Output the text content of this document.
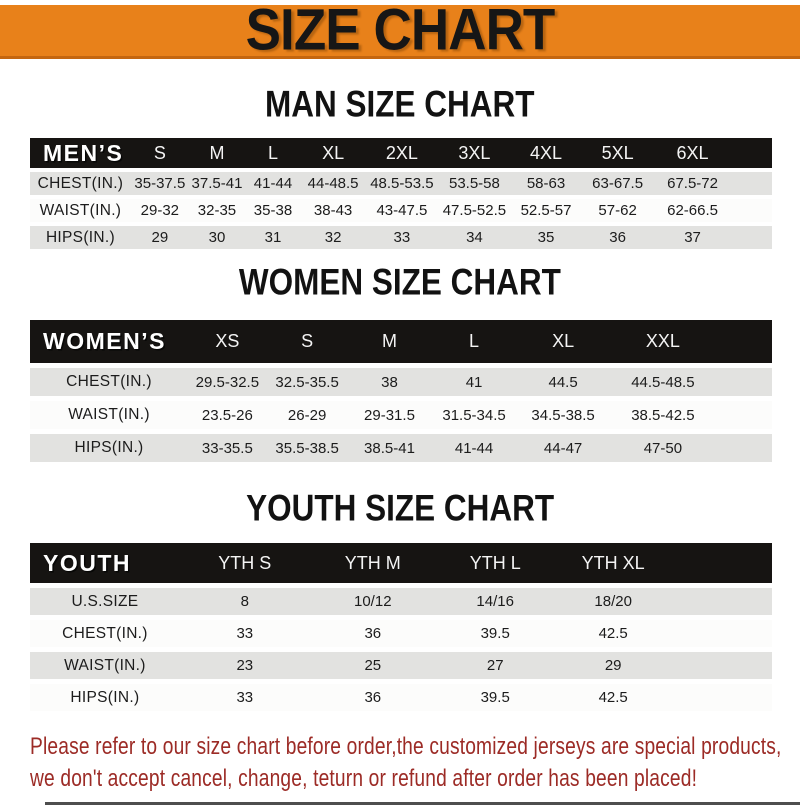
SIZE CHART
MAN SIZE CHART
MEN’S	S	M	L	XL	2XL	3XL	4XL	5XL	6XL
CHEST(IN.) 35-37.5 37.5-41 41-44	44-48.5 48.5-53.5	53.5-58	58-63	63-67.5	67.5-72
WAIST(IN.)	29-32	32-35	35-38	38-43	43-47.5	47.5-52.5 52.5-57	57-62	62-66.5
HIPS(IN.)	29	30	31	32	33	34	35	36	37
WOMEN SIZE CHART
WOMEN’S	XS	S	M	L	XL	XXL
CHEST(IN.)	29.5-32.5	32.5-35.5	38	41	44.5	44.5-48.5
WAIST(IN.)	23.5-26	26-29	29-31.5	31.5-34.5	34.5-38.5	38.5-42.5
HIPS(IN.)	33-35.5	35.5-38.5	38.5-41	41-44	44-47	47-50
YOUTH SIZE CHART
YOUTH	YTH S	YTH M	YTH L	YTH XL
U.S.SIZE	8	10/12	14/16	18/20
CHEST(IN.)	33	36	39.5	42.5
WAIST(IN.)	23	25	27	29
HIPS(IN.)	33	36	39.5	42.5

Please refer to our size chart before order,the customized jerseys are special products,

we don't accept cancel, change, teturn or refund after order has been placed!
